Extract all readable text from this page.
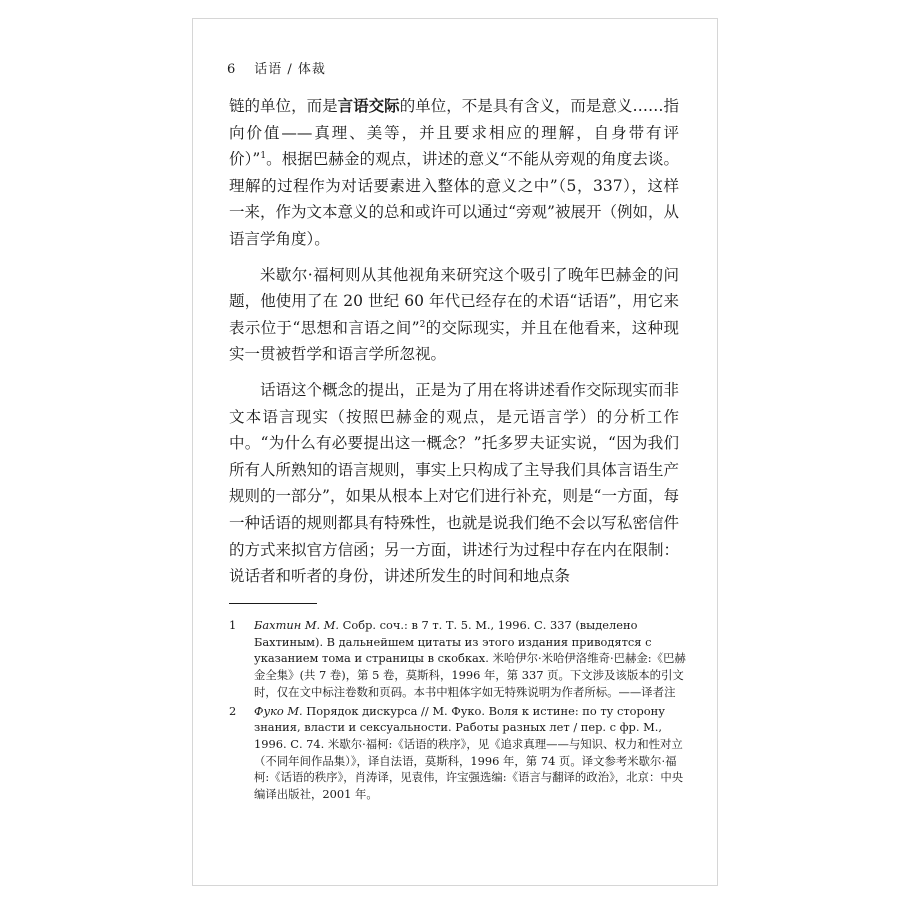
6 话语 / 体裁

链的单位，而是言语交际的单位，不是具有含义，而是意义……指向价值——真理、美等，并且要求相应的理解，自身带有评价）”$^1$。根据巴赫金的观点，讲述的意义“不能从旁观的角度去谈。理解的过程作为对话要素进入整体的意义之中”（5，337），这样一来，作为文本意义的总和或许可以通过“旁观”被展开（例如，从语言学角度）。

米歇尔·福柯则从其他视角来研究这个吸引了晚年巴赫金的问题，他使用了在 20 世纪 60 年代已经存在的术语“话语”，用它来表示位于“思想和言语之间”$^2$的交际现实，并且在他看来，这种现实一贯被哲学和语言学所忽视。

话语这个概念的提出，正是为了用在将讲述看作交际现实而非文本语言现实（按照巴赫金的观点，是元语言学）的分析工作中。“为什么有必要提出这一概念？”托多罗夫证实说，“因为我们所有人所熟知的语言规则，事实上只构成了主导我们具体言语生产规则的一部分”，如果从根本上对它们进行补充，则是“一方面，每一种话语的规则都具有特殊性，也就是说我们绝不会以写私密信件的方式来拟官方信函；另一方面，讲述行为过程中存在内在限制：说话者和听者的身份，讲述所发生的时间和地点条

1 Бахтин М. М. Собр. соч.: в 7 т. Т. 5. М., 1996. С. 337 (выделено Бахтиным). В дальнейшем цитаты из этого издания приводятся с указанием тома и страницы в скобках. 米哈伊尔·米哈伊洛维奇·巴赫金:《巴赫金全集》(共 7 卷)，第 5 卷，莫斯科，1996 年，第 337 页。下文涉及该版本的引文时，仅在文中标注卷数和页码。本书中粗体字如无特殊说明为作者所标。——译者注
2 Фуко М. Порядок дискурса // М. Фуко. Воля к истине: по ту сторону знания, власти и сексуальности. Работы разных лет / пер. с фр. М., 1996. С. 74. 米歇尔·福柯:《话语的秩序》，见《追求真理——与知识、权力和性对立（不同年间作品集）》，译自法语，莫斯科，1996 年，第 74 页。译文参考米歇尔·福柯:《话语的秩序》，肖涛译，见袁伟，许宝强选编:《语言与翻译的政治》，北京：中央编译出版社，2001 年。
